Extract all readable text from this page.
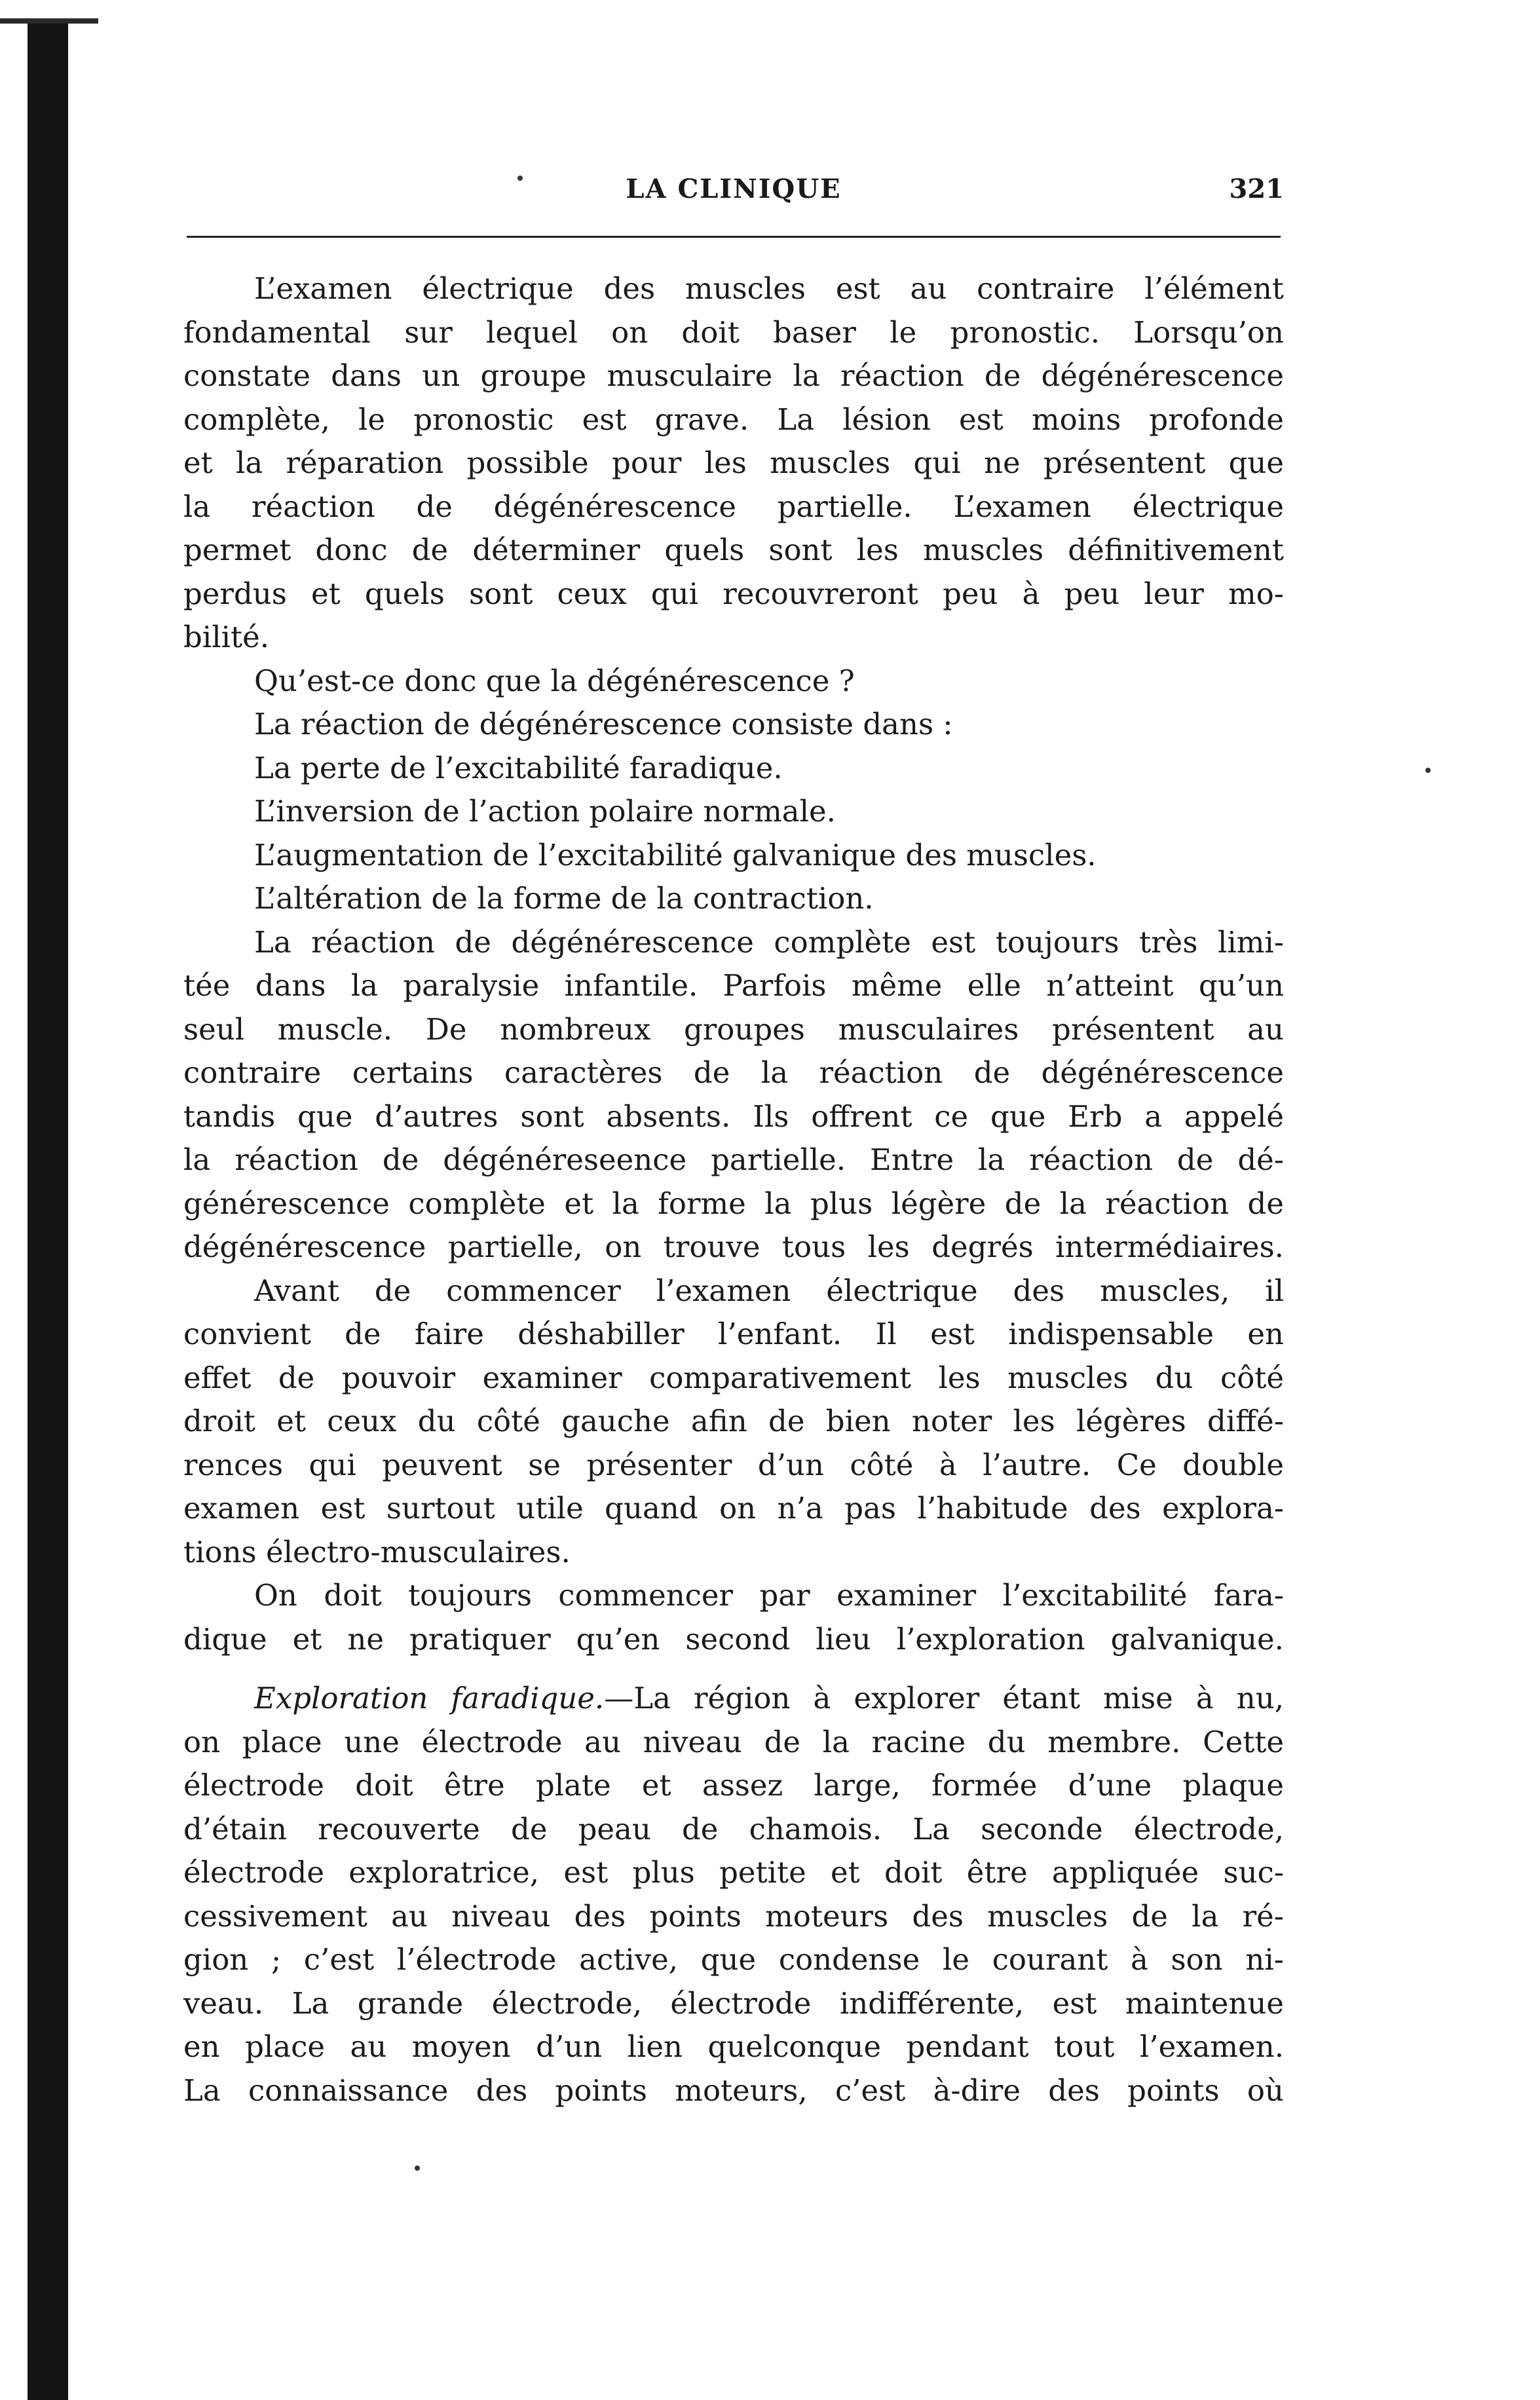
LA CLINIQUE	321
L’examen électrique des muscles est au contraire l’élément
fondamental sur lequel on doit baser le pronostic. Lorsqu’on
constate dans un groupe musculaire la réaction de dégénérescence
complète, le pronostic est grave. La lésion est moins profonde
et la réparation possible pour les muscles qui ne présentent que
la réaction de dégénérescence partielle. L’examen électrique
permet donc de déterminer quels sont les muscles définitivement
perdus et quels sont ceux qui recouvreront peu à peu leur mo-
bilité.
Qu’est-ce donc que la dégénérescence ?
La réaction de dégénérescence consiste dans :
La perte de l’excitabilité faradique.
L’inversion de l’action polaire normale.
L’augmentation de l’excitabilité galvanique des muscles.
L’altération de la forme de la contraction.
La réaction de dégénérescence complète est toujours très limi-
tée dans la paralysie infantile. Parfois même elle n’atteint qu’un
seul muscle. De nombreux groupes musculaires présentent au
contraire certains caractères de la réaction de dégénérescence
tandis que d’autres sont absents. Ils offrent ce que Erb a appelé
la réaction de dégénéreseence partielle. Entre la réaction de dé-
générescence complète et la forme la plus légère de la réaction de
dégénérescence partielle, on trouve tous les degrés intermédiaires.
Avant de commencer l’examen électrique des muscles, il
convient de faire déshabiller l’enfant. Il est indispensable en
effet de pouvoir examiner comparativement les muscles du côté
droit et ceux du côté gauche afin de bien noter les légères diffé-
rences qui peuvent se présenter d’un côté à l’autre. Ce double
examen est surtout utile quand on n’a pas l’habitude des explora-
tions électro-musculaires.
On doit toujours commencer par examiner l’excitabilité fara-
dique et ne pratiquer qu’en second lieu l’exploration galvanique.
Exploration faradique.—La région à explorer étant mise à nu,
on place une électrode au niveau de la racine du membre. Cette
électrode doit être plate et assez large, formée d’une plaque
d’étain recouverte de peau de chamois. La seconde électrode,
électrode exploratrice, est plus petite et doit être appliquée suc-
cessivement au niveau des points moteurs des muscles de la ré-
gion ; c’est l’électrode active, que condense le courant à son ni-
veau. La grande électrode, électrode indifférente, est maintenue
en place au moyen d’un lien quelconque pendant tout l’examen.
La connaissance des points moteurs, c’est à-dire des points où
